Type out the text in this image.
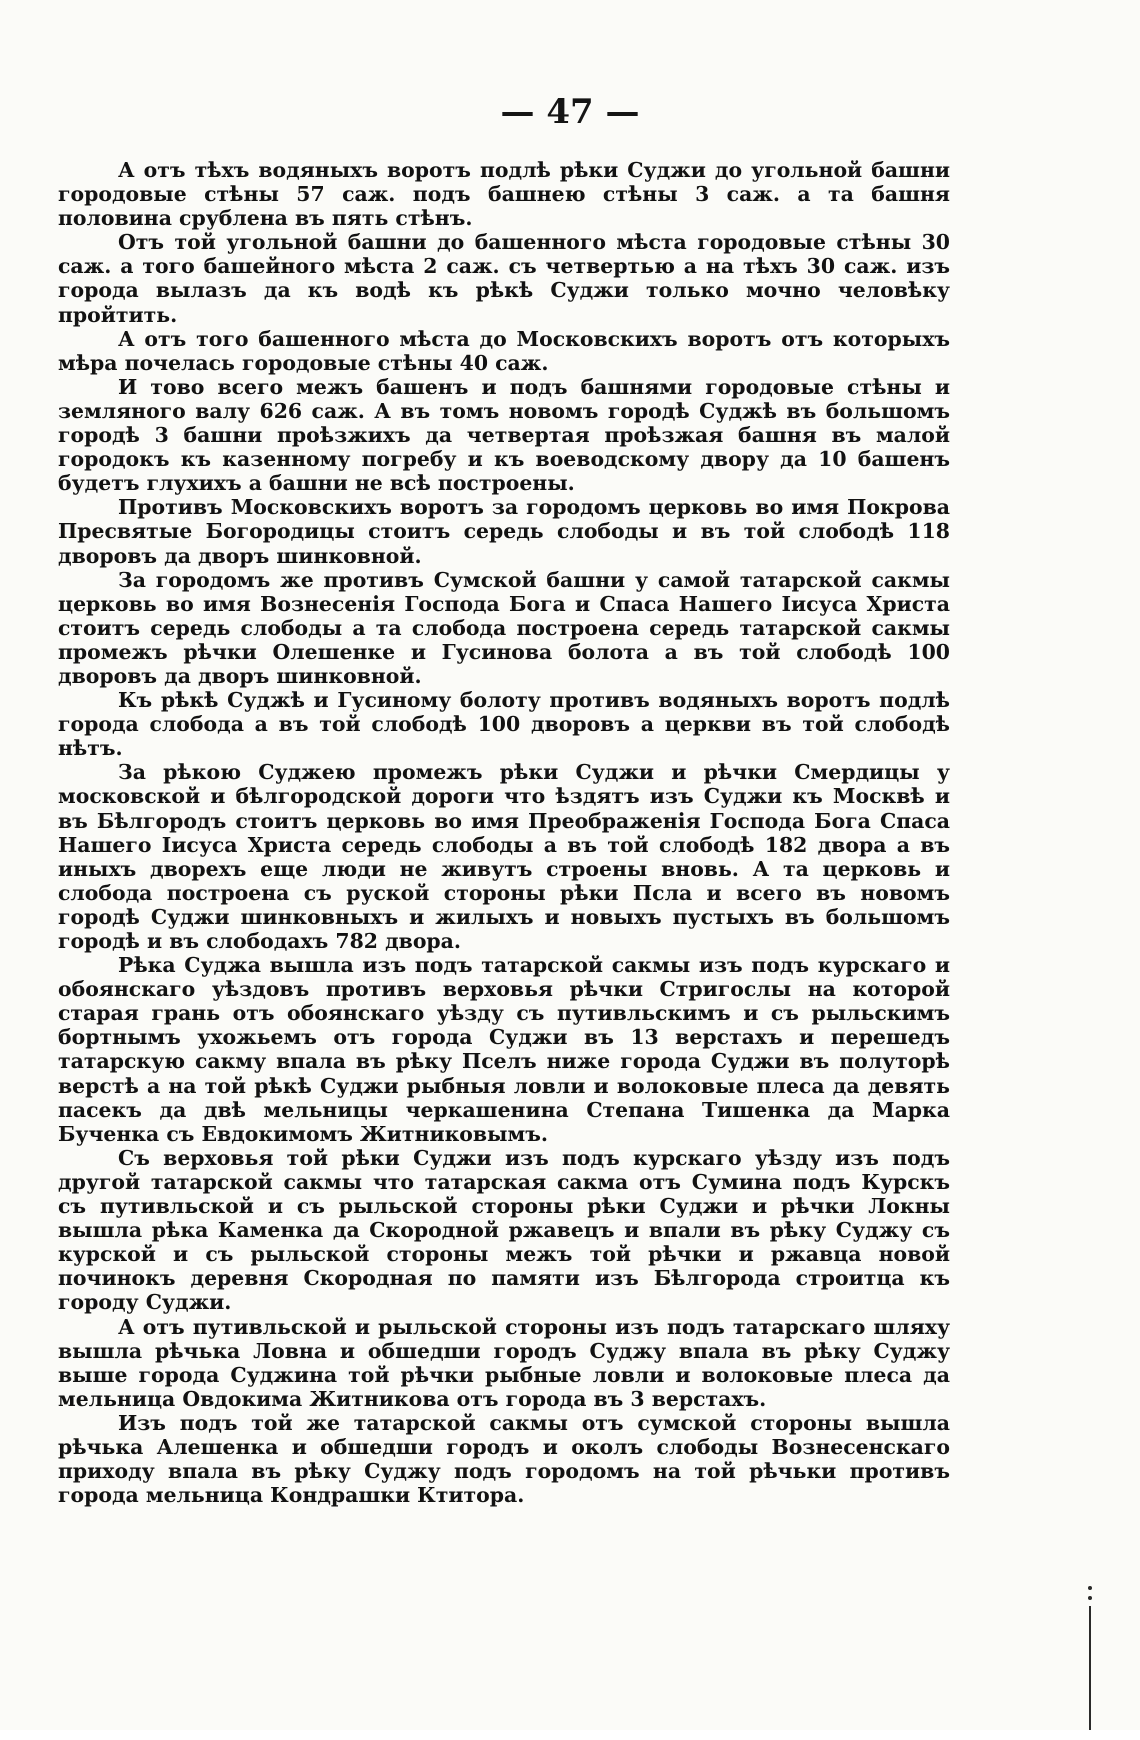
— 47 —

А отъ тѣхъ водяныхъ воротъ подлѣ рѣки Суджи до угольной башни городовые стѣны 57 саж. подъ башнею стѣны 3 саж. а та башня половина срублена въ пять стѣнъ.

Отъ той угольной башни до башенного мѣста городовые стѣны 30 саж. а того башейного мѣста 2 саж. съ четвертью а на тѣхъ 30 саж. изъ города вылазъ да къ водѣ къ рѣкѣ Суджи только мочно человѣку пройтить.

А отъ того башенного мѣста до Московскихъ воротъ отъ которыхъ мѣра почелась городовые стѣны 40 саж.

И тово всего межъ башенъ и подъ башнями городовые стѣны и земляного валу 626 саж. А въ томъ новомъ городѣ Суджѣ въ большомъ городѣ 3 башни проѣзжихъ да четвертая проѣзжая башня въ малой городокъ къ казенному погребу и къ воеводскому двору да 10 башенъ будетъ глухихъ а башни не всѣ построены.

Противъ Московскихъ воротъ за городомъ церковь во имя Покрова Пресвятые Богородицы стоитъ середь слободы и въ той слободѣ 118 дворовъ да дворъ шинковной.

За городомъ же противъ Сумской башни у самой татарской сакмы церковь во имя Вознесенія Господа Бога и Спаса Нашего Іисуса Христа стоитъ середь слободы а та слобода построена середь татарской сакмы промежъ рѣчки Олешенке и Гусинова болота а въ той слободѣ 100 дворовъ да дворъ шинковной.

Къ рѣкѣ Суджѣ и Гусиному болоту противъ водяныхъ воротъ подлѣ города слобода а въ той слободѣ 100 дворовъ а церкви въ той слободѣ нѣтъ.

За рѣкою Суджею промежъ рѣки Суджи и рѣчки Смердицы у московской и бѣлгородской дороги что ѣздятъ изъ Суджи къ Москвѣ и въ Бѣлгородъ стоитъ церковь во имя Преображенія Господа Бога Спаса Нашего Іисуса Христа середь слободы а въ той слободѣ 182 двора а въ иныхъ дворехъ еще люди не живутъ строены вновь. А та церковь и слобода построена съ руской стороны рѣки Псла и всего въ новомъ городѣ Суджи шинковныхъ и жилыхъ и новыхъ пустыхъ въ большомъ городѣ и въ слободахъ 782 двора.

Рѣка Суджа вышла изъ подъ татарской сакмы изъ подъ курскаго и обоянскаго уѣздовъ противъ верховья рѣчки Стригослы на которой старая грань отъ обоянскаго уѣзду съ путивльскимъ и съ рыльскимъ бортнымъ ухожьемъ отъ города Суджи въ 13 верстахъ и перешедъ татарскую сакму впала въ рѣку Пселъ ниже города Суджи въ полуторѣ верстѣ а на той рѣкѣ Суджи рыбныя ловли и волоковые плеса да девять пасекъ да двѣ мельницы черкашенина Степана Тишенка да Марка Бученка съ Евдокимомъ Житниковымъ.

Съ верховья той рѣки Суджи изъ подъ курскаго уѣзду изъ подъ другой татарской сакмы что татарская сакма отъ Сумина подъ Курскъ съ путивльской и съ рыльской стороны рѣки Суджи и рѣчки Локны вышла рѣка Каменка да Скородной ржавецъ и впали въ рѣку Суджу съ курской и съ рыльской стороны межъ той рѣчки и ржавца новой починокъ деревня Скородная по памяти изъ Бѣлгорода строитца къ городу Суджи.

А отъ путивльской и рыльской стороны изъ подъ татарскаго шляху вышла рѣчька Ловна и обшедши городъ Суджу впала въ рѣку Суджу выше города Суджина той рѣчки рыбные ловли и волоковые плеса да мельница Овдокима Житникова отъ города въ 3 верстахъ.

Изъ подъ той же татарской сакмы отъ сумской стороны вышла рѣчька Алешенка и обшедши городъ и околъ слободы Вознесенскаго приходу впала въ рѣку Суджу подъ городомъ на той рѣчьки противъ города мельница Кондрашки Ктитора.
